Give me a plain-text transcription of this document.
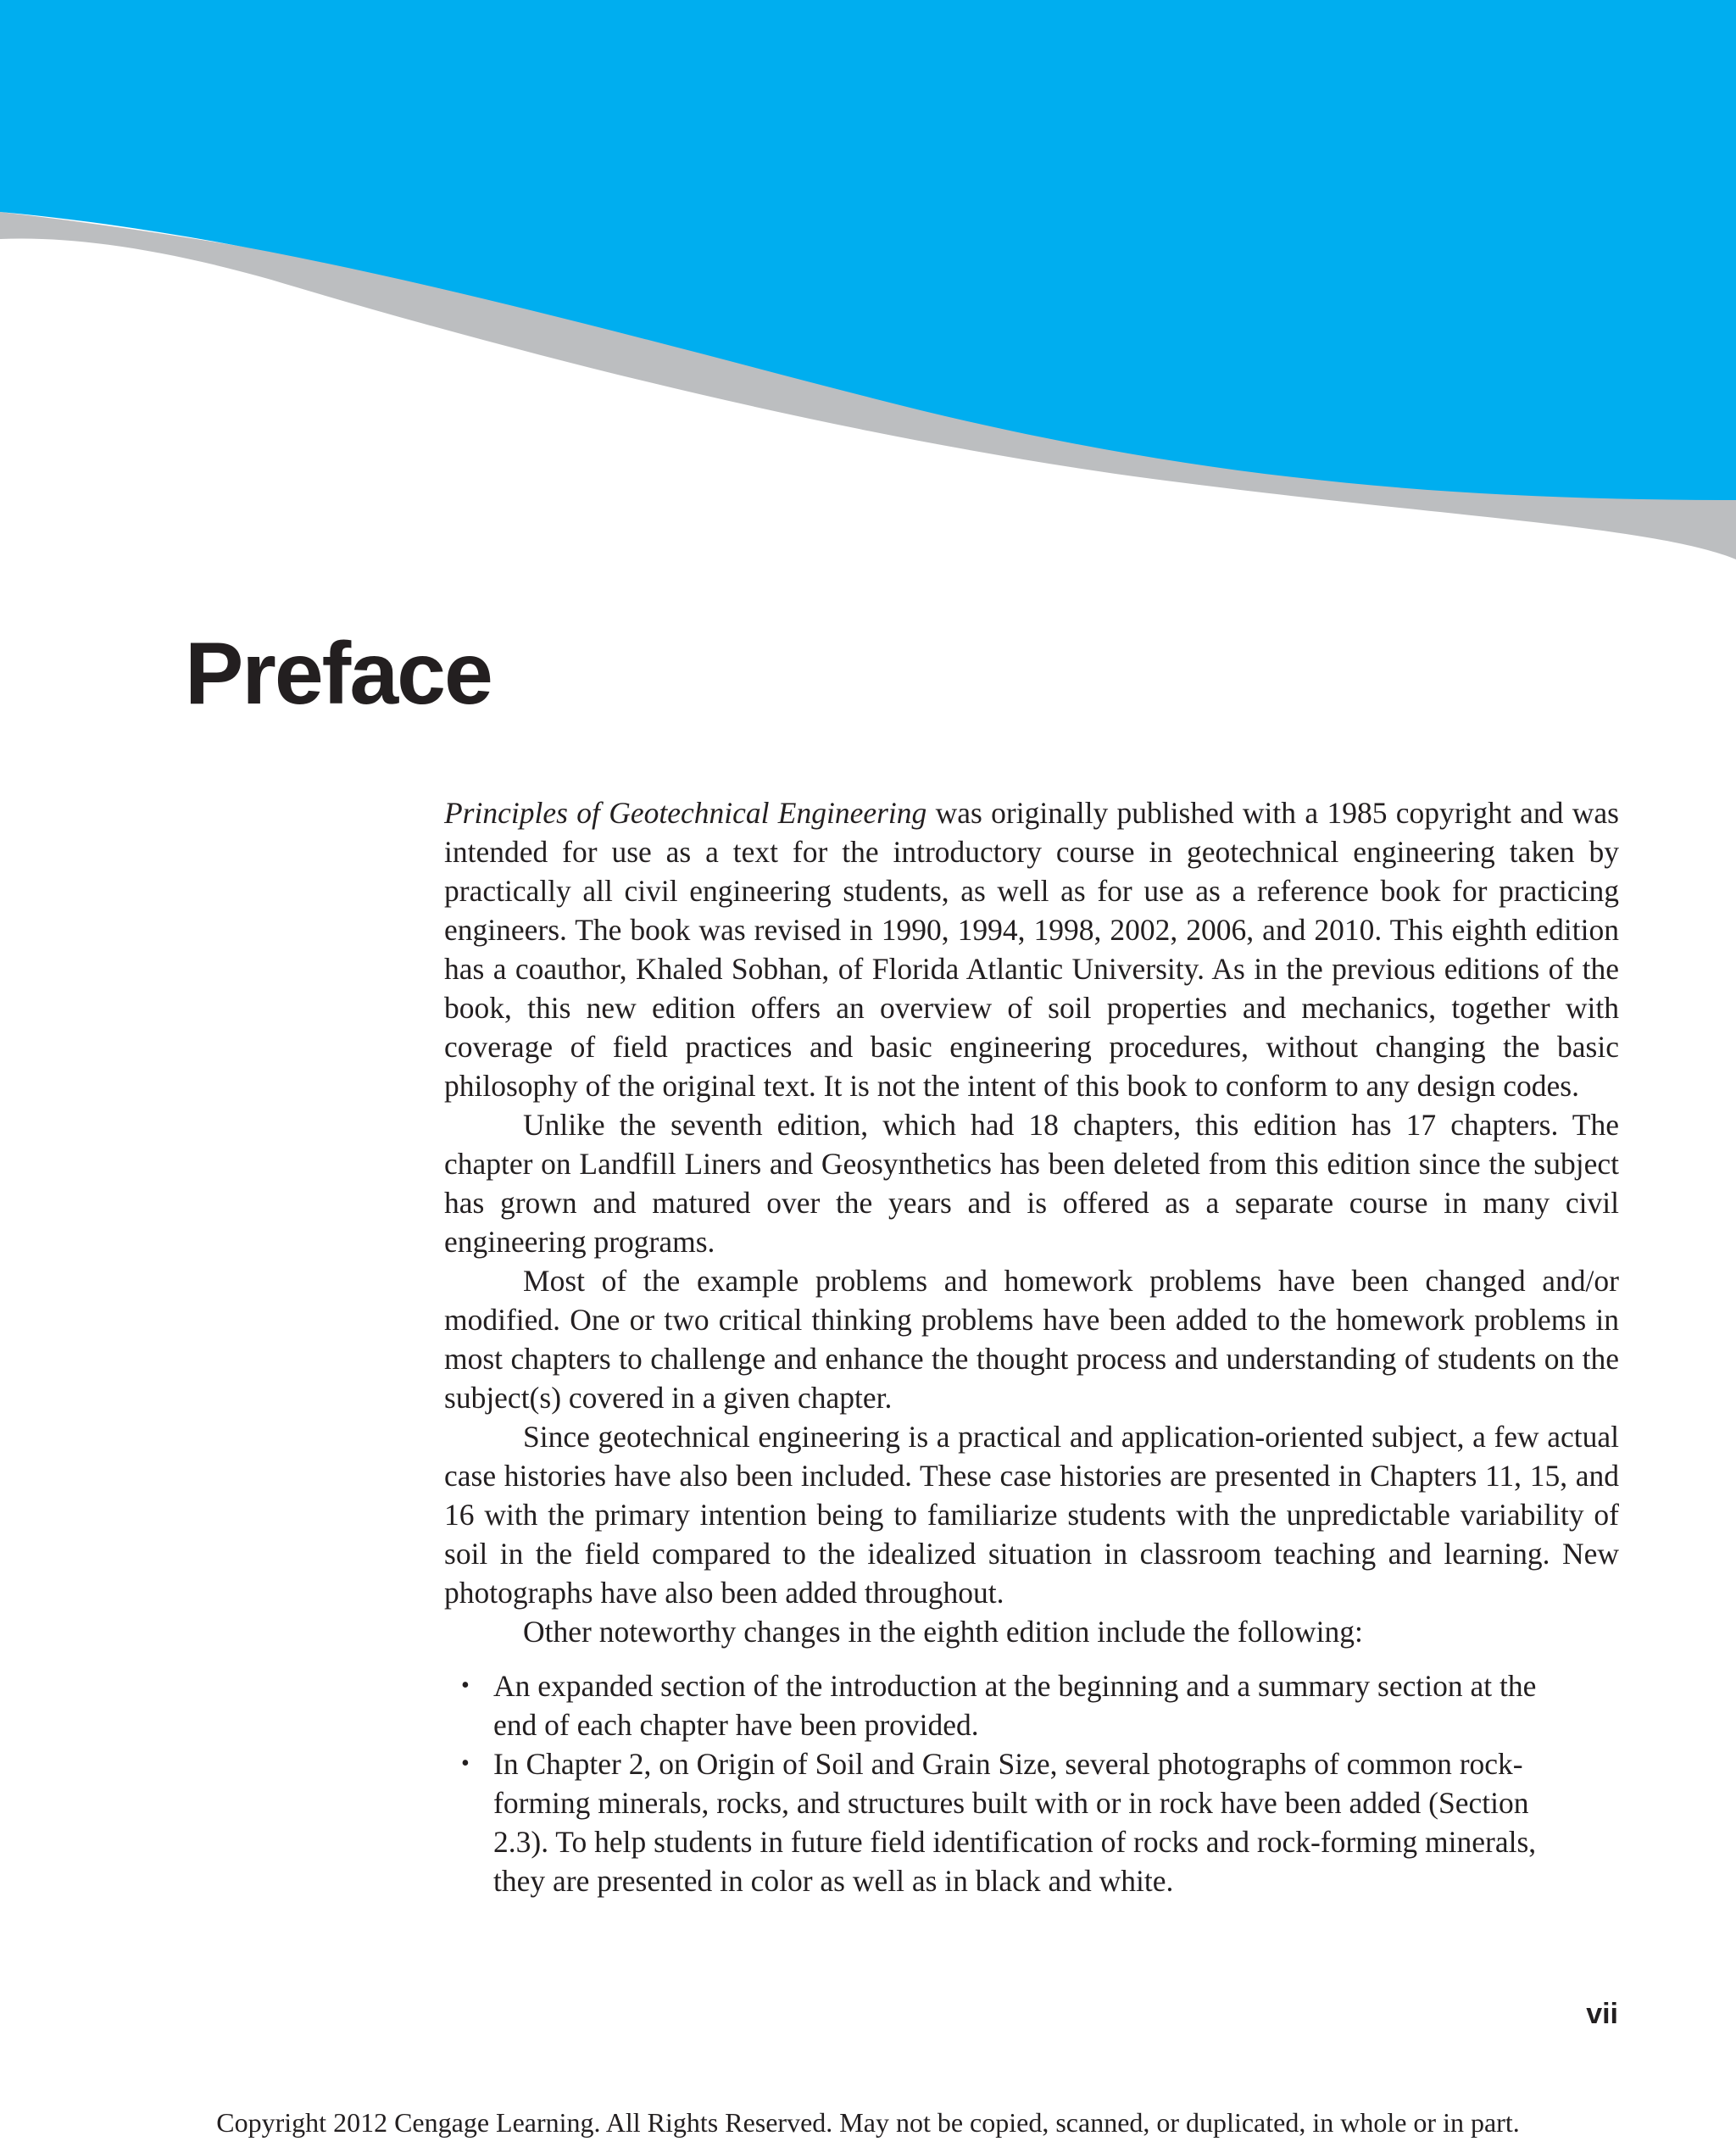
Preface

Principles of Geotechnical Engineering was originally published with a 1985 copyright and was intended for use as a text for the introductory course in geotechnical engineering taken by practically all civil engineering students, as well as for use as a reference book for practicing engineers. The book was revised in 1990, 1994, 1998, 2002, 2006, and 2010. This eighth edition has a coauthor, Khaled Sobhan, of Florida Atlantic University. As in the previous editions of the book, this new edition offers an overview of soil properties and mechanics, together with coverage of field practices and basic engineering procedures, without changing the basic philosophy of the original text. It is not the intent of this book to conform to any design codes.

Unlike the seventh edition, which had 18 chapters, this edition has 17 chapters. The chapter on Landfill Liners and Geosynthetics has been deleted from this edition since the subject has grown and matured over the years and is offered as a separate course in many civil engineering programs.

Most of the example problems and homework problems have been changed and/or modified. One or two critical thinking problems have been added to the homework problems in most chapters to challenge and enhance the thought process and understanding of students on the subject(s) covered in a given chapter.

Since geotechnical engineering is a practical and application-oriented subject, a few actual case histories have also been included. These case histories are presented in Chapters 11, 15, and 16 with the primary intention being to familiarize students with the unpredictable variability of soil in the field compared to the idealized situation in classroom teaching and learning. New photographs have also been added throughout.

Other noteworthy changes in the eighth edition include the following:

• An expanded section of the introduction at the beginning and a summary section at the end of each chapter have been provided.
• In Chapter 2, on Origin of Soil and Grain Size, several photographs of common rock-forming minerals, rocks, and structures built with or in rock have been added (Section 2.3). To help students in future field identification of rocks and rock-forming minerals, they are presented in color as well as in black and white.
vii
Copyright 2012 Cengage Learning. All Rights Reserved. May not be copied, scanned, or duplicated, in whole or in part.
